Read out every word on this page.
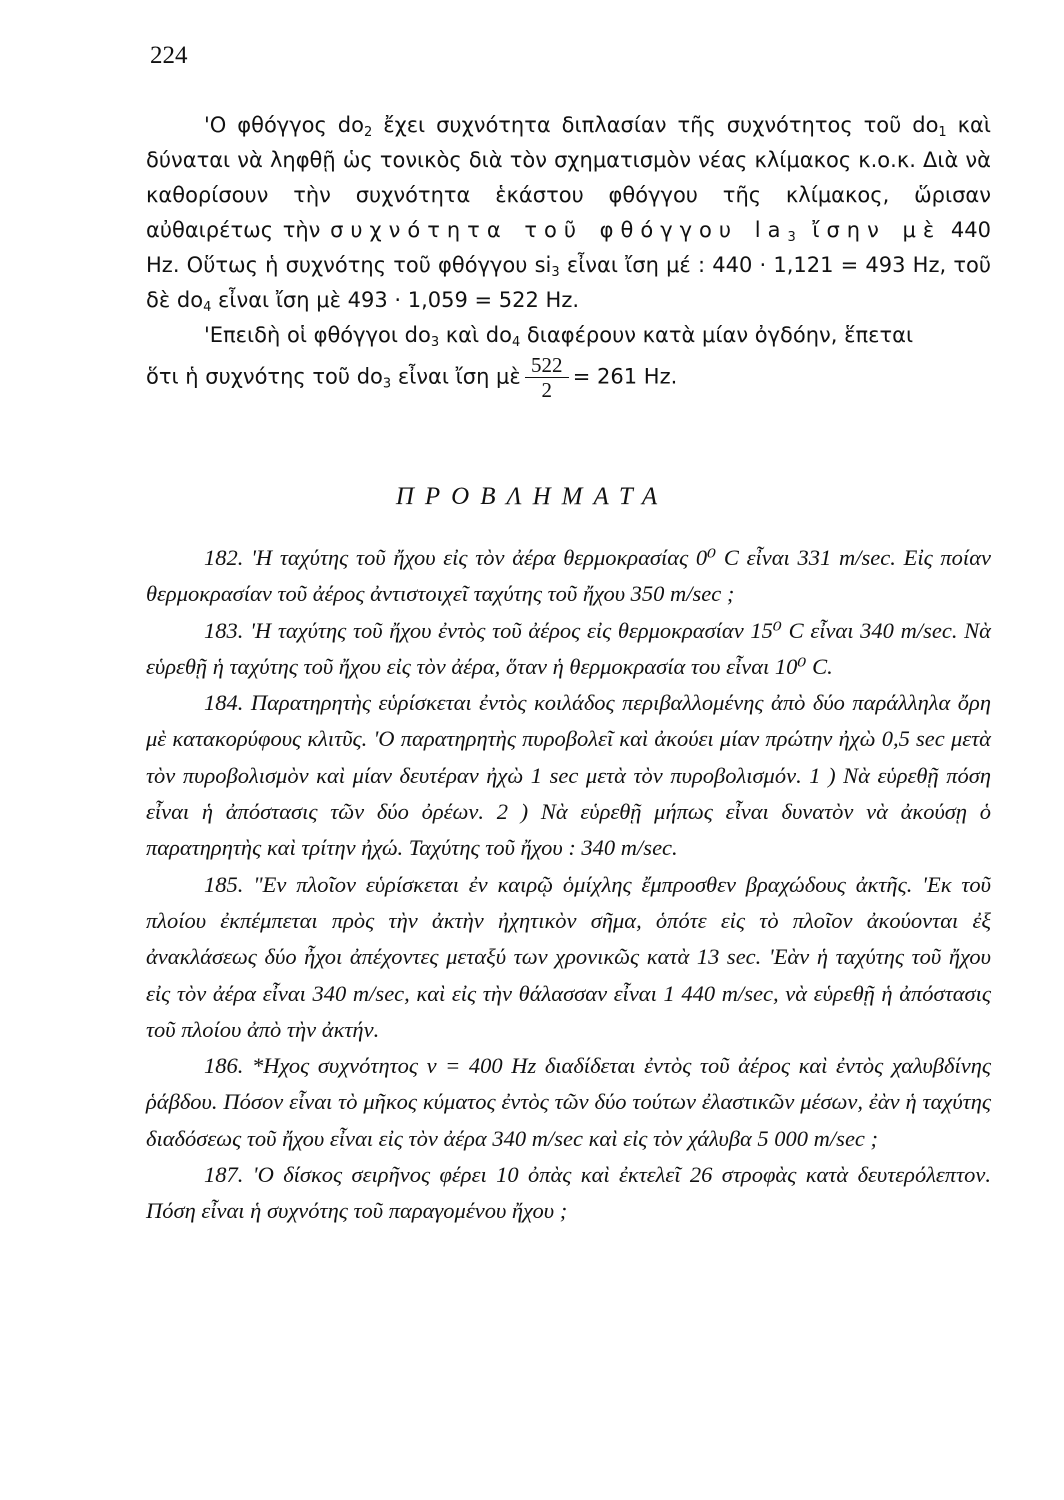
224

'Ο φθόγγος $do_2$ ἔχει συχνότητα διπλασίαν τῆς συχνότητος τοῦ $do_1$ καὶ δύναται νὰ ληφθῇ ὡς τονικὸς διὰ τὸν σχηματισμὸν νέας κλίμακος κ.ο.κ. Διὰ νὰ καθορίσουν τὴν συχνότητα ἑκάστου φθόγγου τῆς κλίμακος, ὥρισαν αὐθαιρέτως τὴν συχνότητα τοῦ φθόγγου $la_3$ ἴσην μὲ 440 Hz. Οὕτως ἡ συχνότης τοῦ φθόγγου $si_3$ εἶναι ἴση μέ : 440 · 1,121 = 493 Hz, τοῦ δὲ $do_4$ εἶναι ἴση μὲ 493 · 1,059 = 522 Hz.

'Επειδὴ οἱ φθόγγοι $do_3$ καὶ $do_4$ διαφέρουν κατὰ μίαν ὀγδόην, ἕπεται

ὅτι ἡ συχνότης τοῦ $do_3$ εἶναι ἴση μὲ $\frac{522}{2} = 261$ Hz.

ΠΡΟΒΛΗΜΑΤΑ

182. 'Η ταχύτης τοῦ ἤχου εἰς τὸν ἀέρα θερμοκρασίας 0⁰ C εἶναι 331 m/sec. Εἰς ποίαν θερμοκρασίαν τοῦ ἀέρος ἀντιστοιχεῖ ταχύτης τοῦ ἤχου 350 m/sec ;

183. 'Η ταχύτης τοῦ ἤχου ἐντὸς τοῦ ἀέρος εἰς θερμοκρασίαν 15⁰ C εἶναι 340 m/sec. Νὰ εὑρεθῇ ἡ ταχύτης τοῦ ἤχου εἰς τὸν ἀέρα, ὅταν ἡ θερμοκρασία του εἶναι 10⁰ C.

184. Παρατηρητὴς εὑρίσκεται ἐντὸς κοιλάδος περιβαλλομένης ἀπὸ δύο παράλληλα ὄρη μὲ κατακορύφους κλιτῦς. 'Ο παρατηρητὴς πυροβολεῖ καὶ ἀκούει μίαν πρώτην ἠχὼ 0,5 sec μετὰ τὸν πυροβολισμὸν καὶ μίαν δευτέραν ἠχὼ 1 sec μετὰ τὸν πυροβολισμόν. 1 ) Νὰ εὑρεθῇ πόση εἶναι ἡ ἀπόστασις τῶν δύο ὀρέων. 2 ) Νὰ εὑρεθῇ μήπως εἶναι δυνατὸν νὰ ἀκούσῃ ὁ παρατηρητὴς καὶ τρίτην ἠχώ. Ταχύτης τοῦ ἤχου : 340 m/sec.

185. "Εν πλοῖον εὑρίσκεται ἐν καιρῷ ὁμίχλης ἔμπροσθεν βραχώδους ἀκτῆς. 'Εκ τοῦ πλοίου ἐκπέμπεται πρὸς τὴν ἀκτὴν ἠχητικὸν σῆμα, ὁπότε εἰς τὸ πλοῖον ἀκούονται ἐξ ἀνακλάσεως δύο ἦχοι ἀπέχοντες μεταξύ των χρονικῶς κατὰ 13 sec. 'Εὰν ἡ ταχύτης τοῦ ἤχου εἰς τὸν ἀέρα εἶναι 340 m/sec, καὶ εἰς τὴν θάλασσαν εἶναι 1 440 m/sec, νὰ εὑρεθῇ ἡ ἀπόστασις τοῦ πλοίου ἀπὸ τὴν ἀκτήν.

186. *Ηχος συχνότητος ν = 400 Hz διαδίδεται ἐντὸς τοῦ ἀέρος καὶ ἐντὸς χαλυβδίνης ῥάβδου. Πόσον εἶναι τὸ μῆκος κύματος ἐντὸς τῶν δύο τούτων ἐλαστικῶν μέσων, ἐὰν ἡ ταχύτης διαδόσεως τοῦ ἤχου εἶναι εἰς τὸν ἀέρα 340 m/sec καὶ εἰς τὸν χάλυβα 5 000 m/sec ;

187. 'Ο δίσκος σειρῆνος φέρει 10 ὀπὰς καὶ ἐκτελεῖ 26 στροφὰς κατὰ δευτερόλεπτον. Πόση εἶναι ἡ συχνότης τοῦ παραγομένου ἤχου ;
